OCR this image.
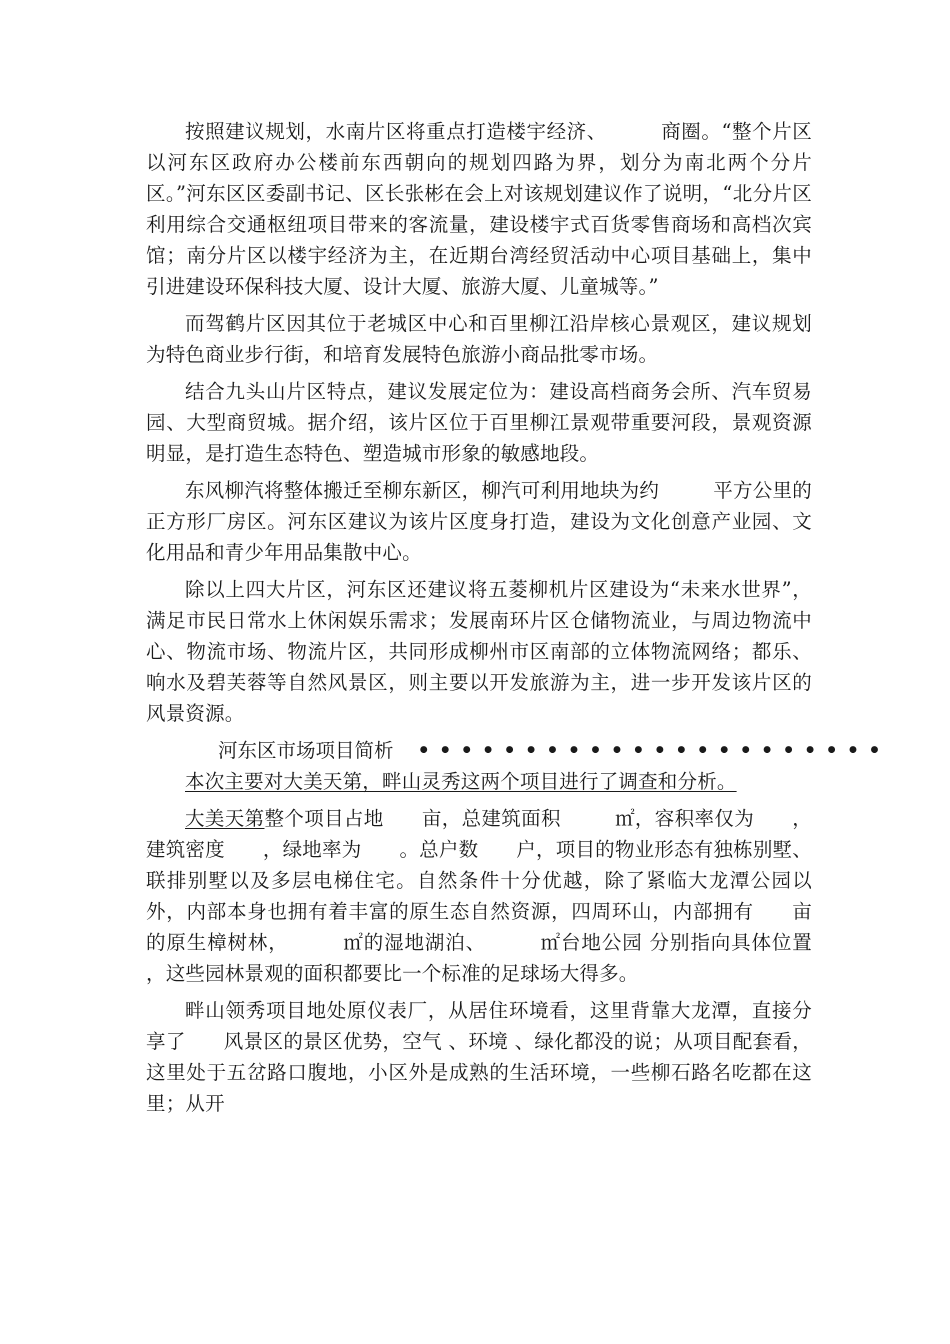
按照建议规划，水南片区将重点打造楼宇经济、	商圈。“整个片区以河东区政府办公楼前东西朝向的规划四路为界，划分为南北两个分片区。”河东区区委副书记、区长张彬在会上对该规划建议作了说明，“北分片区利用综合交通枢纽项目带来的客流量，建设楼宇式百货零售商场和高档次宾馆；南分片区以楼宇经济为主，在近期台湾经贸活动中心项目基础上，集中引进建设环保科技大厦、设计大厦、旅游大厦、儿童城等。”

而驾鹤片区因其位于老城区中心和百里柳江沿岸核心景观区，建议规划为特色商业步行街，和培育发展特色旅游小商品批零市场。

结合九头山片区特点，建议发展定位为：建设高档商务会所、汽车贸易园、大型商贸城。据介绍，该片区位于百里柳江景观带重要河段，景观资源明显，是打造生态特色、塑造城市形象的敏感地段。

东风柳汽将整体搬迁至柳东新区，柳汽可利用地块为约	平方公里的正方形厂房区。河东区建议为该片区度身打造，建设为文化创意产业园、文化用品和青少年用品集散中心。

除以上四大片区，河东区还建议将五菱柳机片区建设为“未来水世界”，满足市民日常水上休闲娱乐需求；发展南环片区仓储物流业，与周边物流中心、物流市场、物流片区，共同形成柳州市区南部的立体物流网络；都乐、响水及碧芙蓉等自然风景区，则主要以开发旅游为主，进一步开发该片区的风景资源。

河东区市场项目简析 ••••••••••••••••••••••

本次主要对大美天第，畔山灵秀这两个项目进行了调查和分析。

大美天第整个项目占地 亩，总建筑面积	㎡，容积率仅为 ，建筑密度 ，绿地率为 。总户数 户，项目的物业形态有独栋别墅、联排别墅以及多层电梯住宅。自然条件十分优越，除了紧临大龙潭公园以外，内部本身也拥有着丰富的原生态自然资源，四周环山，内部拥有 亩的原生樟树林，	㎡的湿地湖泊、	㎡台地公园 分别指向具体位置 ，这些园林景观的面积都要比一个标准的足球场大得多。

畔山领秀项目地处原仪表厂，从居住环境看，这里背靠大龙潭，直接分享了 风景区的景区优势，空气 、环境 、绿化都没的说；从项目配套看，这里处于五岔路口腹地，小区外是成熟的生活环境，一些柳石路名吃都在这里；从开
